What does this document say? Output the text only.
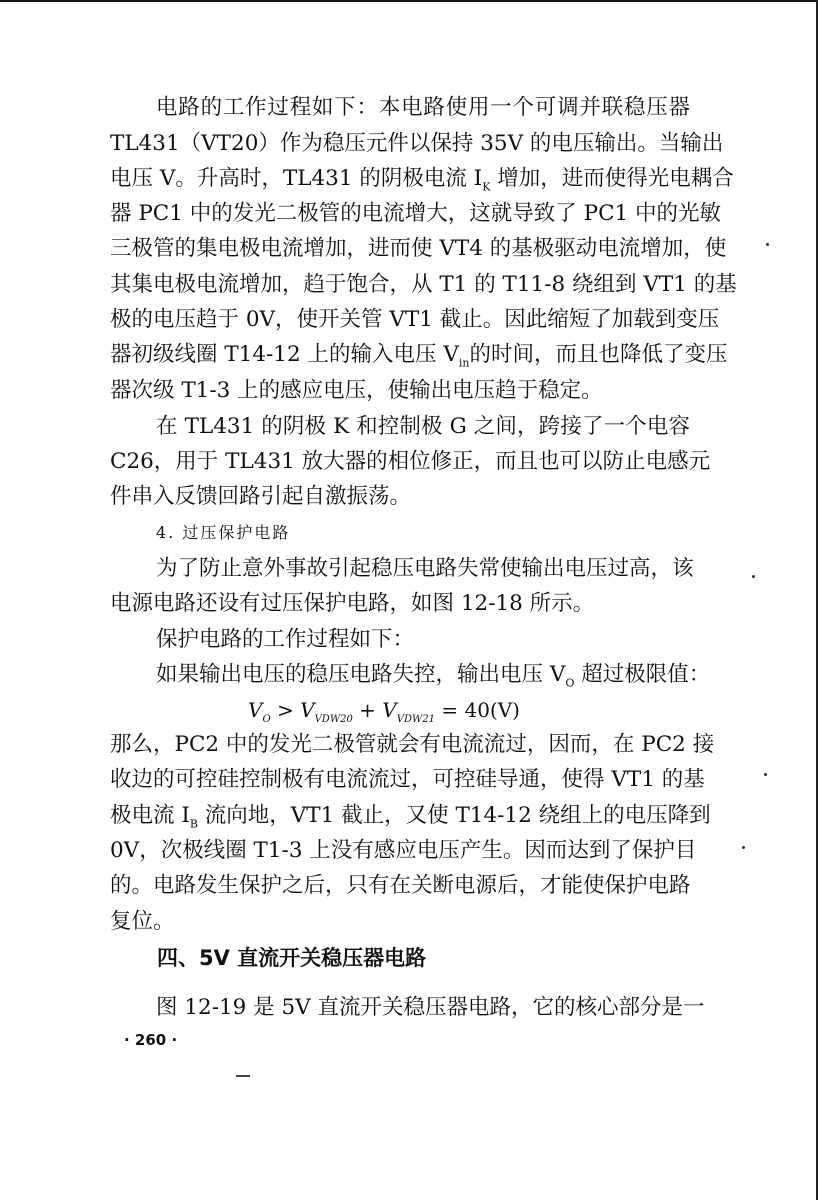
电路的工作过程如下：本电路使用一个可调并联稳压器
TL431（VT20）作为稳压元件以保持 35V 的电压输出。当输出
电压 V。升高时，TL431 的阴极电流 $I_K$ 增加，进而使得光电耦合
器 PC1 中的发光二极管的电流增大，这就导致了 PC1 中的光敏
三极管的集电极电流增加，进而使 VT4 的基极驱动电流增加，使
其集电极电流增加，趋于饱合，从 T1 的 T11-8 绕组到 VT1 的基
极的电压趋于 0V，使开关管 VT1 截止。因此缩短了加载到变压
器初级线圈 T14-12 上的输入电压 $V_{in}$的时间，而且也降低了变压
器次级 T1-3 上的感应电压，使输出电压趋于稳定。
在 TL431 的阴极 K 和控制极 G 之间，跨接了一个电容
C26，用于 TL431 放大器的相位修正，而且也可以防止电感元
件串入反馈回路引起自激振荡。
4. 过压保护电路
为了防止意外事故引起稳压电路失常使输出电压过高，该
电源电路还设有过压保护电路，如图 12-18 所示。
保护电路的工作过程如下：
如果输出电压的稳压电路失控，输出电压 $V_O$ 超过极限值：
$V_O > V_{VDW20} + V_{VDW21} = 40(V)$
那么，PC2 中的发光二极管就会有电流流过，因而，在 PC2 接
收边的可控硅控制极有电流流过，可控硅导通，使得 VT1 的基
极电流 $I_B$ 流向地，VT1 截止，又使 T14-12 绕组上的电压降到
0V，次极线圈 T1-3 上没有感应电压产生。因而达到了保护目
的。电路发生保护之后，只有在关断电源后，才能使保护电路
复位。
四、5V 直流开关稳压器电路
图 12-19 是 5V 直流开关稳压器电路，它的核心部分是一
· 260 ·
